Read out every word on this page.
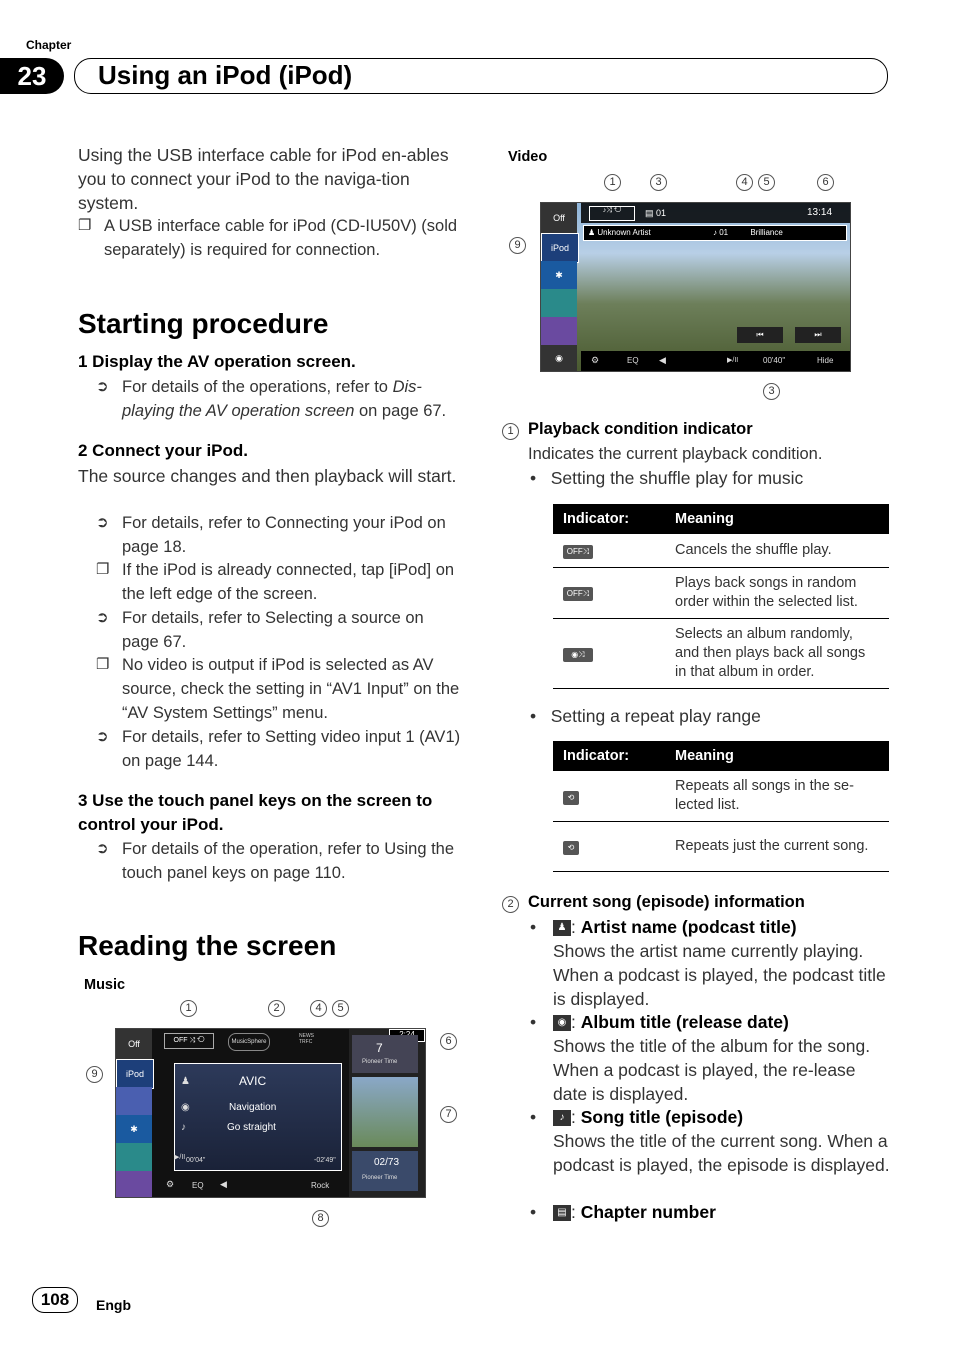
Chapter
23	Using an iPod (iPod)
Using the USB interface cable for iPod en-ables you to connect your iPod to the naviga-tion system.
❐ A USB interface cable for iPod (CD-IU50V) (sold separately) is required for connection.
Starting procedure
1 Display the AV operation screen.
➲ For details of the operations, refer to Dis-playing the AV operation screen on page 67.
2 Connect your iPod.
The source changes and then playback will start.
➲ For details, refer to Connecting your iPod on page 18.
❐ If the iPod is already connected, tap [iPod] on the left edge of the screen.
➲ For details, refer to Selecting a source on page 67.
❐ No video is output if iPod is selected as AV source, check the setting in “AV1 Input” on the “AV System Settings” menu.
➲ For details, refer to Setting video input 1 (AV1) on page 144.
3 Use the touch panel keys on the screen to control your iPod.
➲ For details of the operation, refer to Using the touch panel keys on page 110.
Reading the screen
Music
1	2	4	5
6
9
7
8
Off
iPod
✱
OFF ⤨ ⟲	MusicSphere
NEWS
TRFC
AVIC
Navigation
Go straight
♟
◉
♪
▶/II 00'04"	-02'49"
⚙ EQ ◀	Rock
7
Pioneer Time
02/73
Pioneer Time
Video
1	3	4	5	6
9
3
Off
iPod
✱
◉
♪⤨ ⟲	▤ 01	13:14
♟ Unknown Artist	♪ 01	Brilliance
⏮	⏭
⚙	EQ ◀	▶/II	00'40"	Hide
1 Playback condition indicator
Indicates the current playback condition.
•   Setting the shuffle play for music
Indicator:	Meaning
OFF⤨	Cancels the shuffle play.
OFF⤨	Plays back songs in random order within the selected list.
◉⤨	Selects an album randomly, and then plays back all songs in that album in order.
•   Setting a repeat play range
Indicator:	Meaning
⟲	Repeats all songs in the se-lected list.
⟲	Repeats just the current song.
2 Current song (episode) information
•	♟ : Artist name (podcast title)
Shows the artist name currently playing. When a podcast is played, the podcast title is displayed.
•	◉ : Album title (release date)
Shows the title of the album for the song. When a podcast is played, the re-lease date is displayed.
•	♪ : Song title (episode)
Shows the title of the current song. When a podcast is played, the episode is displayed.
•	▤ : Chapter number
108	Engb
